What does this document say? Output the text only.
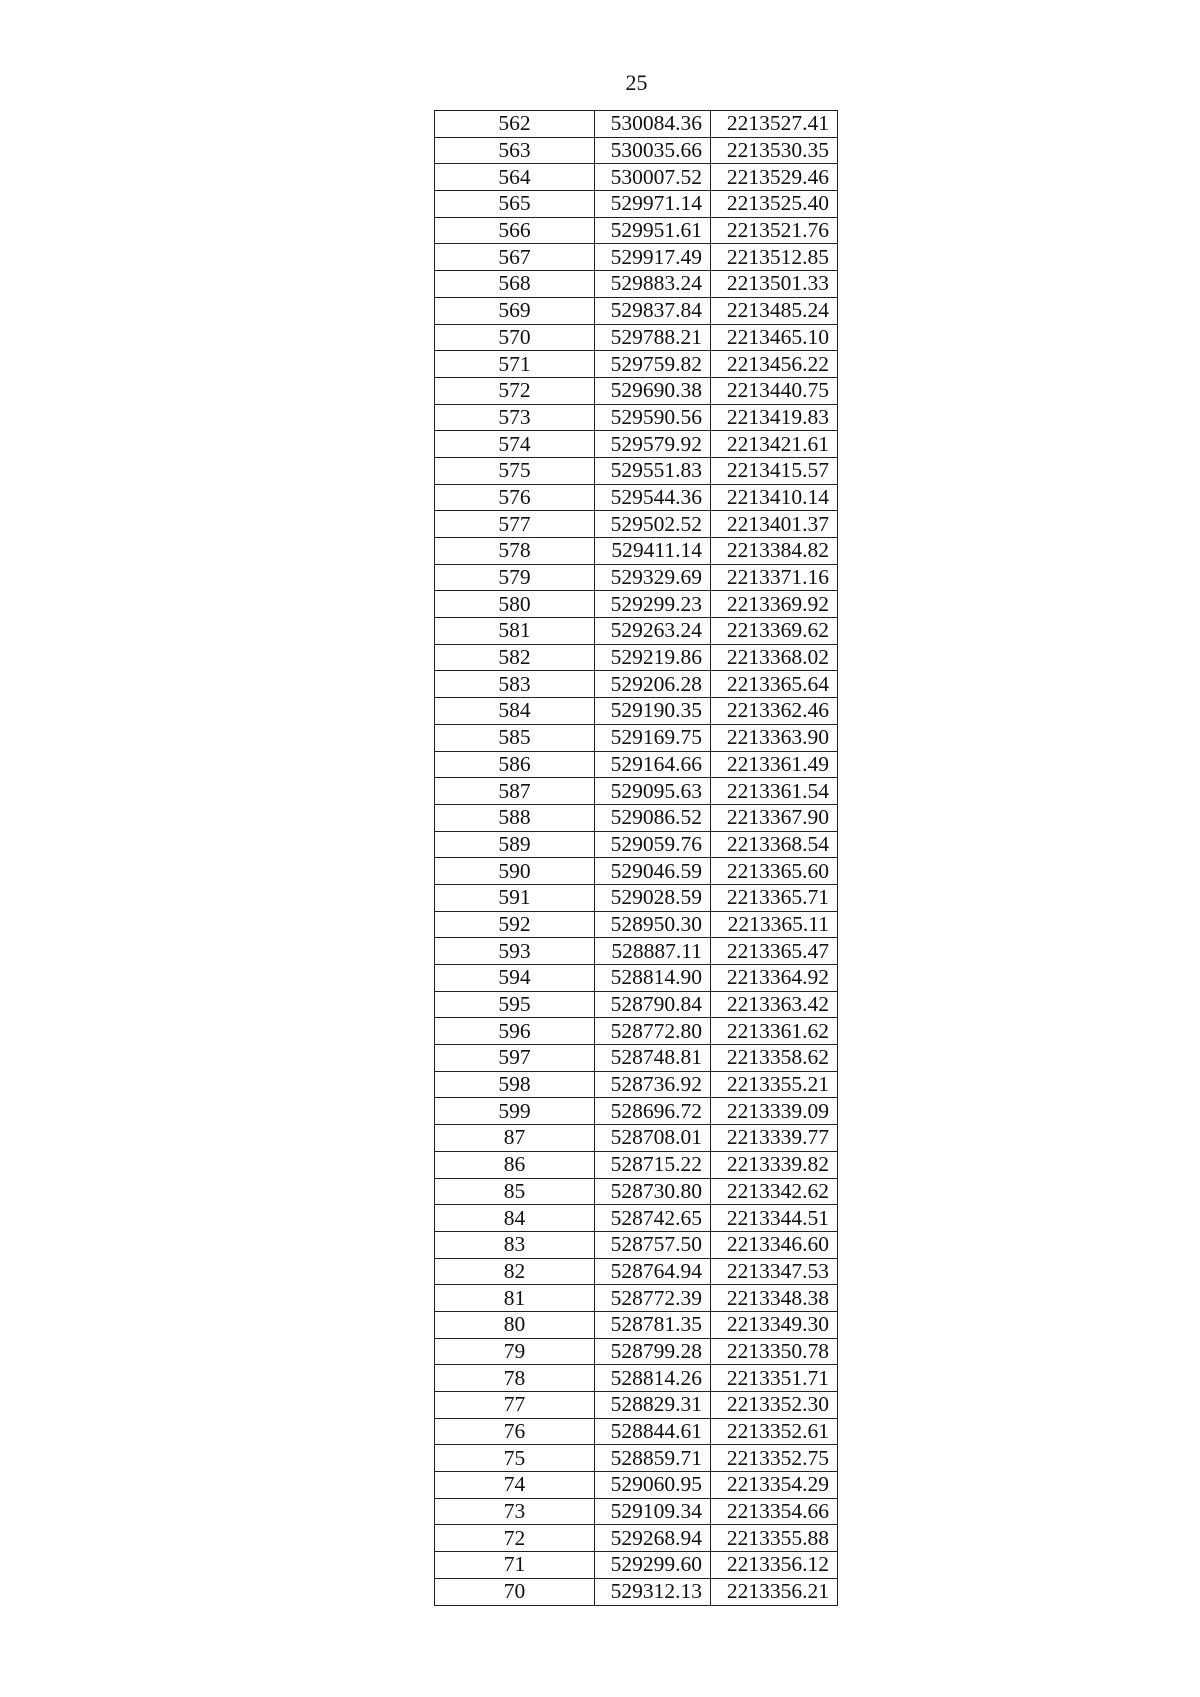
25
562	530084.36	2213527.41
563	530035.66	2213530.35
564	530007.52	2213529.46
565	529971.14	2213525.40
566	529951.61	2213521.76
567	529917.49	2213512.85
568	529883.24	2213501.33
569	529837.84	2213485.24
570	529788.21	2213465.10
571	529759.82	2213456.22
572	529690.38	2213440.75
573	529590.56	2213419.83
574	529579.92	2213421.61
575	529551.83	2213415.57
576	529544.36	2213410.14
577	529502.52	2213401.37
578	529411.14	2213384.82
579	529329.69	2213371.16
580	529299.23	2213369.92
581	529263.24	2213369.62
582	529219.86	2213368.02
583	529206.28	2213365.64
584	529190.35	2213362.46
585	529169.75	2213363.90
586	529164.66	2213361.49
587	529095.63	2213361.54
588	529086.52	2213367.90
589	529059.76	2213368.54
590	529046.59	2213365.60
591	529028.59	2213365.71
592	528950.30	2213365.11
593	528887.11	2213365.47
594	528814.90	2213364.92
595	528790.84	2213363.42
596	528772.80	2213361.62
597	528748.81	2213358.62
598	528736.92	2213355.21
599	528696.72	2213339.09
87	528708.01	2213339.77
86	528715.22	2213339.82
85	528730.80	2213342.62
84	528742.65	2213344.51
83	528757.50	2213346.60
82	528764.94	2213347.53
81	528772.39	2213348.38
80	528781.35	2213349.30
79	528799.28	2213350.78
78	528814.26	2213351.71
77	528829.31	2213352.30
76	528844.61	2213352.61
75	528859.71	2213352.75
74	529060.95	2213354.29
73	529109.34	2213354.66
72	529268.94	2213355.88
71	529299.60	2213356.12
70	529312.13	2213356.21
